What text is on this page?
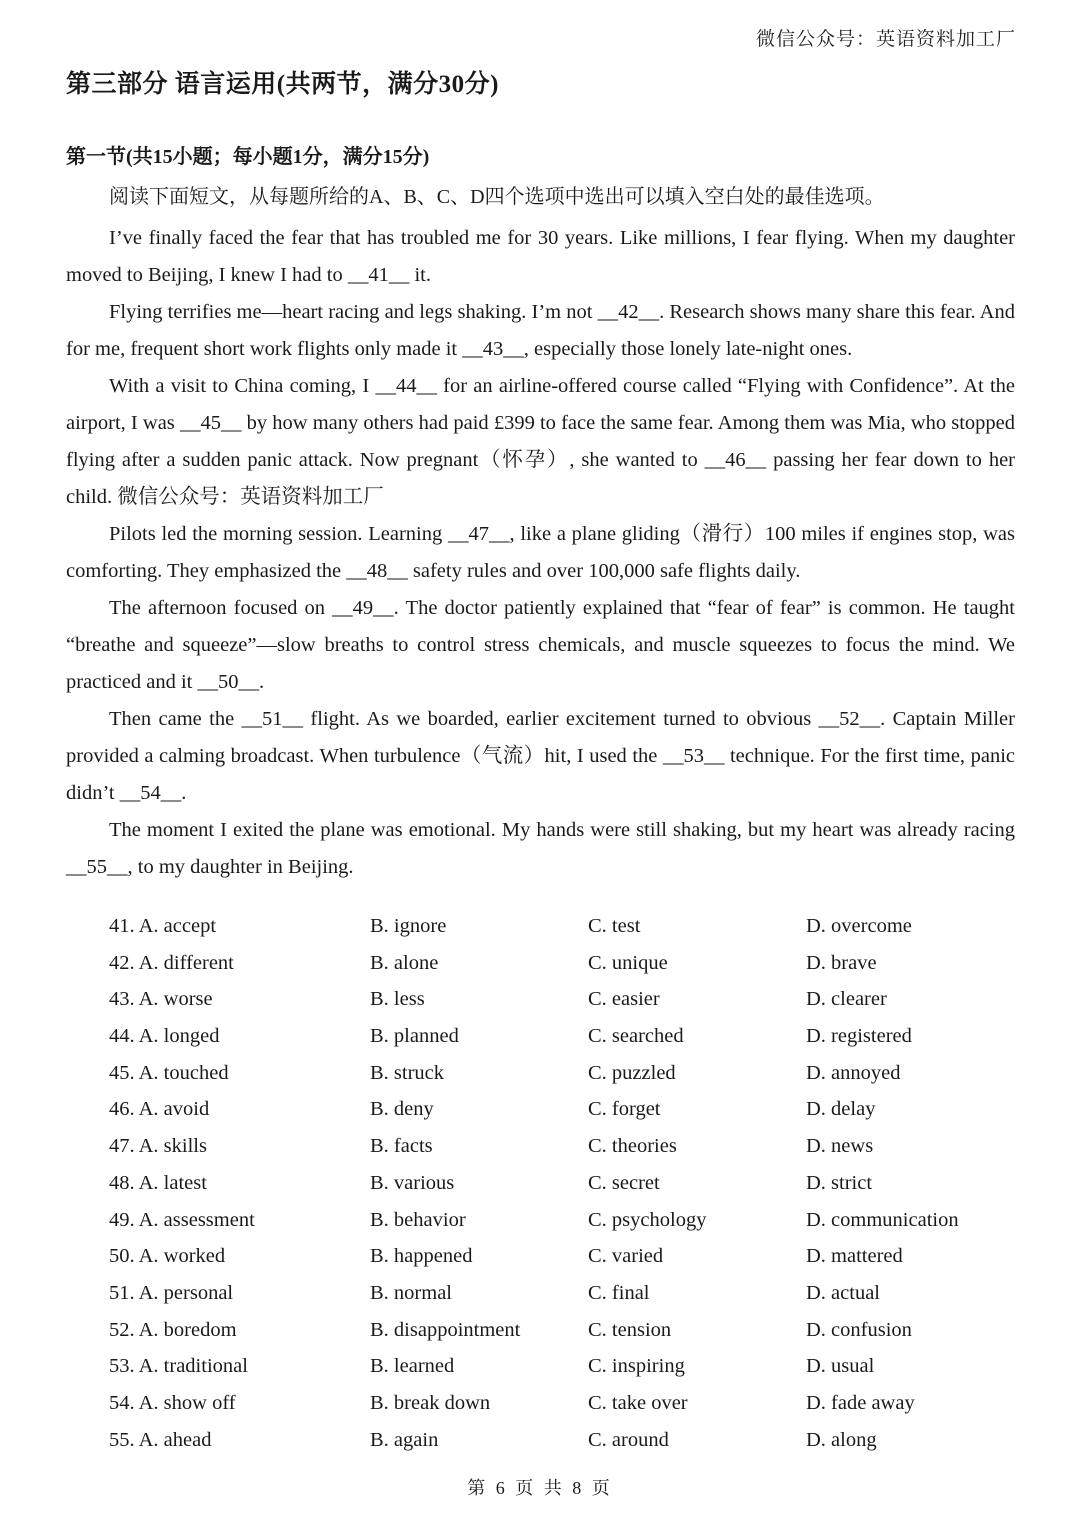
微信公众号：英语资料加工厂
第三部分 语言运用(共两节，满分30分)
第一节(共15小题；每小题1分，满分15分)
阅读下面短文，从每题所给的A、B、C、D四个选项中选出可以填入空白处的最佳选项。

I’ve finally faced the fear that has troubled me for 30 years. Like millions, I fear flying. When my daughter moved to Beijing, I knew I had to __41__ it.

Flying terrifies me—heart racing and legs shaking. I’m not __42__. Research shows many share this fear. And for me, frequent short work flights only made it __43__, especially those lonely late-night ones.

With a visit to China coming, I __44__ for an airline-offered course called “Flying with Confidence”. At the airport, I was __45__ by how many others had paid £399 to face the same fear. Among them was Mia, who stopped flying after a sudden panic attack. Now pregnant（怀孕）, she wanted to __46__ passing her fear down to her child. 微信公众号：英语资料加工厂

Pilots led the morning session. Learning __47__, like a plane gliding（滑行）100 miles if engines stop, was comforting. They emphasized the __48__ safety rules and over 100,000 safe flights daily.

The afternoon focused on __49__. The doctor patiently explained that “fear of fear” is common. He taught “breathe and squeeze”—slow breaths to control stress chemicals, and muscle squeezes to focus the mind. We practiced and it __50__.

Then came the __51__ flight. As we boarded, earlier excitement turned to obvious __52__. Captain Miller provided a calming broadcast. When turbulence（气流）hit, I used the __53__ technique. For the first time, panic didn’t __54__.

The moment I exited the plane was emotional. My hands were still shaking, but my heart was already racing __55__, to my daughter in Beijing.

41. A. accept	B. ignore	C. test	D. overcome
42. A. different	B. alone	C. unique	D. brave
43. A. worse	B. less	C. easier	D. clearer
44. A. longed	B. planned	C. searched	D. registered
45. A. touched	B. struck	C. puzzled	D. annoyed
46. A. avoid	B. deny	C. forget	D. delay
47. A. skills	B. facts	C. theories	D. news
48. A. latest	B. various	C. secret	D. strict
49. A. assessment	B. behavior	C. psychology	D. communication
50. A. worked	B. happened	C. varied	D. mattered
51. A. personal	B. normal	C. final	D. actual
52. A. boredom	B. disappointment	C. tension	D. confusion
53. A. traditional	B. learned	C. inspiring	D. usual
54. A. show off	B. break down	C. take over	D. fade away
55. A. ahead	B. again	C. around	D. along
第 6 页 共 8 页
